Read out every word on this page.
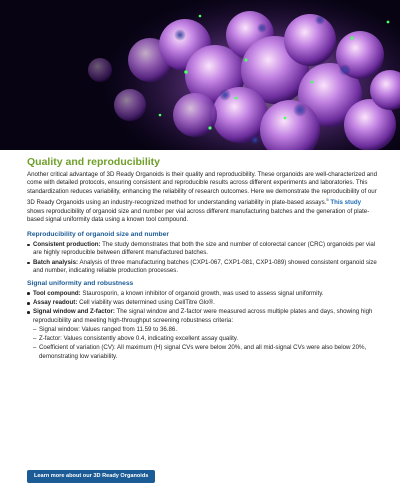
Quality and reproducibility

Another critical advantage of 3D Ready Organoids is their quality and reproducibility. These organoids are well-characterized and come with detailed protocols, ensuring consistent and reproducible results across different experiments and laboratories. This standardization reduces variability, enhancing the reliability of research outcomes. Here we demonstrate the reproducibility of our 3D Ready Organoids using an industry-recognized method for understanding variability in plate-based assays.$^5$ This study shows reproducibility of organoid size and number per vial across different manufacturing batches and the generation of plate-based signal uniformity data using a known tool compound.

Reproducibility of organoid size and number
Consistent production: The study demonstrates that both the size and number of colorectal cancer (CRC) organoids per vial are highly reproducible between different manufactured batches.
Batch analysis: Analysis of three manufacturing batches (CXP1-067, CXP1-081, CXP1-089) showed consistent organoid size and number, indicating reliable production processes.
Signal uniformity and robustness
Tool compound: Staurosporin, a known inhibitor of organoid growth, was used to assess signal uniformity.
Assay readout: Cell viability was determined using CellTitre Glo®.
Signal window and Z-factor: The signal window and Z-factor were measured across multiple plates and days, showing high reproducibility and meeting high-throughput screening robustness criteria:
– Signal window: Values ranged from 11.59 to 36.86.
– Z-factor: Values consistently above 0.4, indicating excellent assay quality.
– Coefficient of variation (CV): All maximum (H) signal CVs were below 20%, and all mid-signal CVs were also below 20%, demonstrating low variability.
Learn more about our 3D Ready Organoids
